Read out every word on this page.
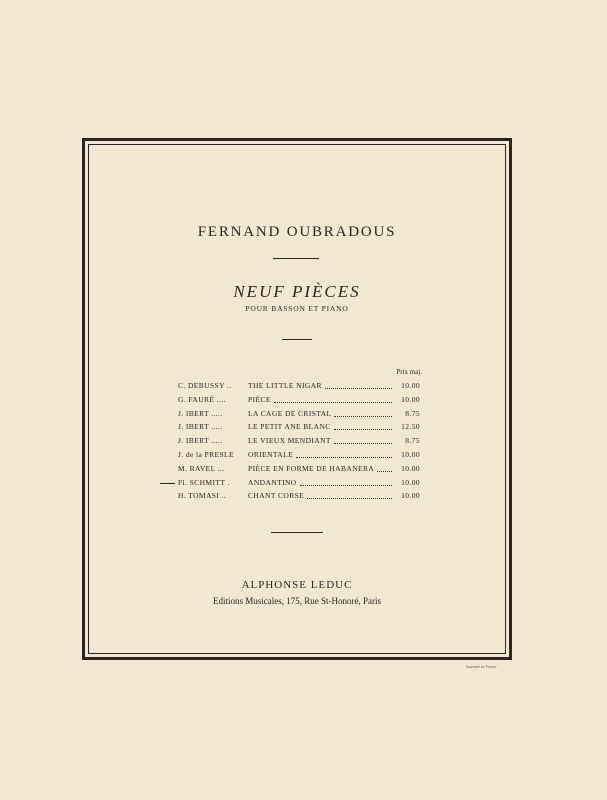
FERNAND OUBRADOUS
NEUF PIÈCES
POUR BASSON ET PIANO
Prix maj.
C. DEBUSSY .. THE LITTLE NIGAR	10.00
G. FAURÉ ....	PIÈCE	10.00
J. IBERT .....	LA CAGE DE CRISTAL	8.75
J. IBERT .....	LE PETIT ANE BLANC	12.50
J. IBERT .....	LE VIEUX MENDIANT	8.75
J. de la PRESLE ORIENTALE	10.00
M. RAVEL ...	PIÈCE EN FORME DE HABANERA	10.00
Fl. SCHMITT . ANDANTINO	10.00
H. TOMASI ..	CHANT CORSE	10.00
ALPHONSE LEDUC
Editions Musicales, 175, Rue St-Honoré, Paris
Imprimé en France
